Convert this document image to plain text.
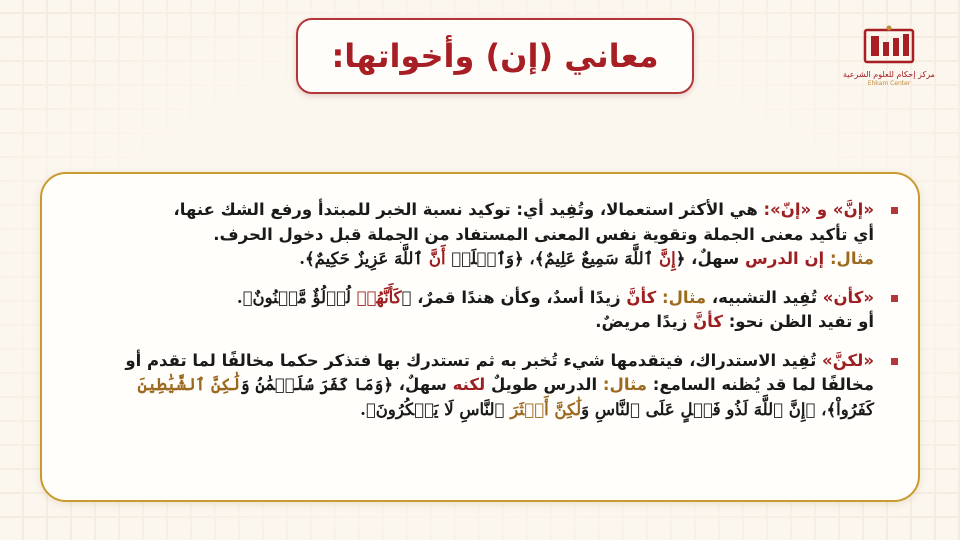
معاني (إن) وأخواتها:	مركز إحكام للعلوم الشرعية
Ehkam Center
«إنَّ» و «إنّ»: هي الأكثر استعمالا، وتُفِيد أي: توكيد نسبة الخبر للمبتدأ ورفع الشك عنها،
أي تأكيد معنى الجملة وتقوية نفس المعنى المستفاد من الجملة قبل دخول الحرف.
مثال: إن الدرس سهلٌ، ﴿إِنَّ ٱللَّهَ سَمِيعٌ عَلِيمٌ﴾، ﴿وَٱعۡلَمۡ أَنَّ ٱللَّهَ عَزِيزٌ حَكِيمٌ﴾.
«كأن» تُفِيد التشبيه، مثال: كأنَّ زيدًا أسدٌ، وكأن هندًا قمرٌ، ﴿كَأَنَّهُمۡ لُؤۡلُؤٌ مَّكۡنُونٌ﴾.
أو تفيد الظن نحو: كأنَّ زيدًا مريضٌ.
«لكنَّ» تُفِيد الاستدراك، فيتقدمها شيء تُخبر به ثم تستدرك بها فتذكر حكما مخالفًا لما تقدم أو
مخالفًا لما قد يُظنه السامع: مثال: الدرس طويلٌ لكنه سهلٌ، ﴿وَمَا كَفَرَ سُلَيۡمَٰنُ وَلَٰكِنَّ ٱلشَّيَٰطِينَ
كَفَرُواْ﴾، ﴿إِنَّ ٱللَّهَ لَذُو فَضۡلٍ عَلَى ٱلنَّاسِ وَلَٰكِنَّ أَكۡثَرَ ٱلنَّاسِ لَا يَشۡكُرُونَ﴾.
